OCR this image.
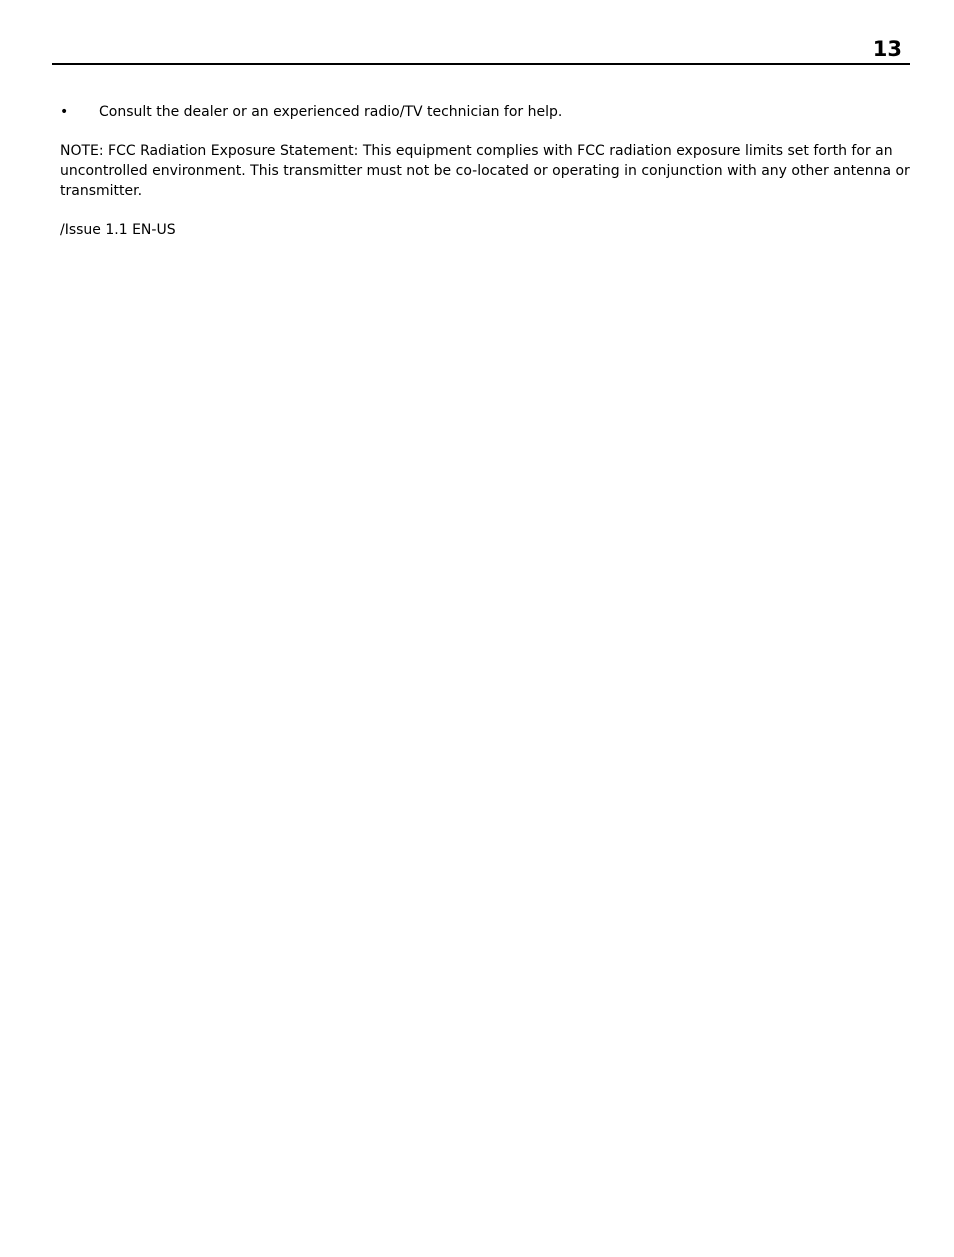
13
•	Consult the dealer or an experienced radio/TV technician for help.

NOTE: FCC Radiation Exposure Statement: This equipment complies with FCC radiation exposure limits set forth for an uncontrolled environment. This transmitter must not be co-located or operating in conjunction with any other antenna or transmitter.

/Issue 1.1 EN-US
